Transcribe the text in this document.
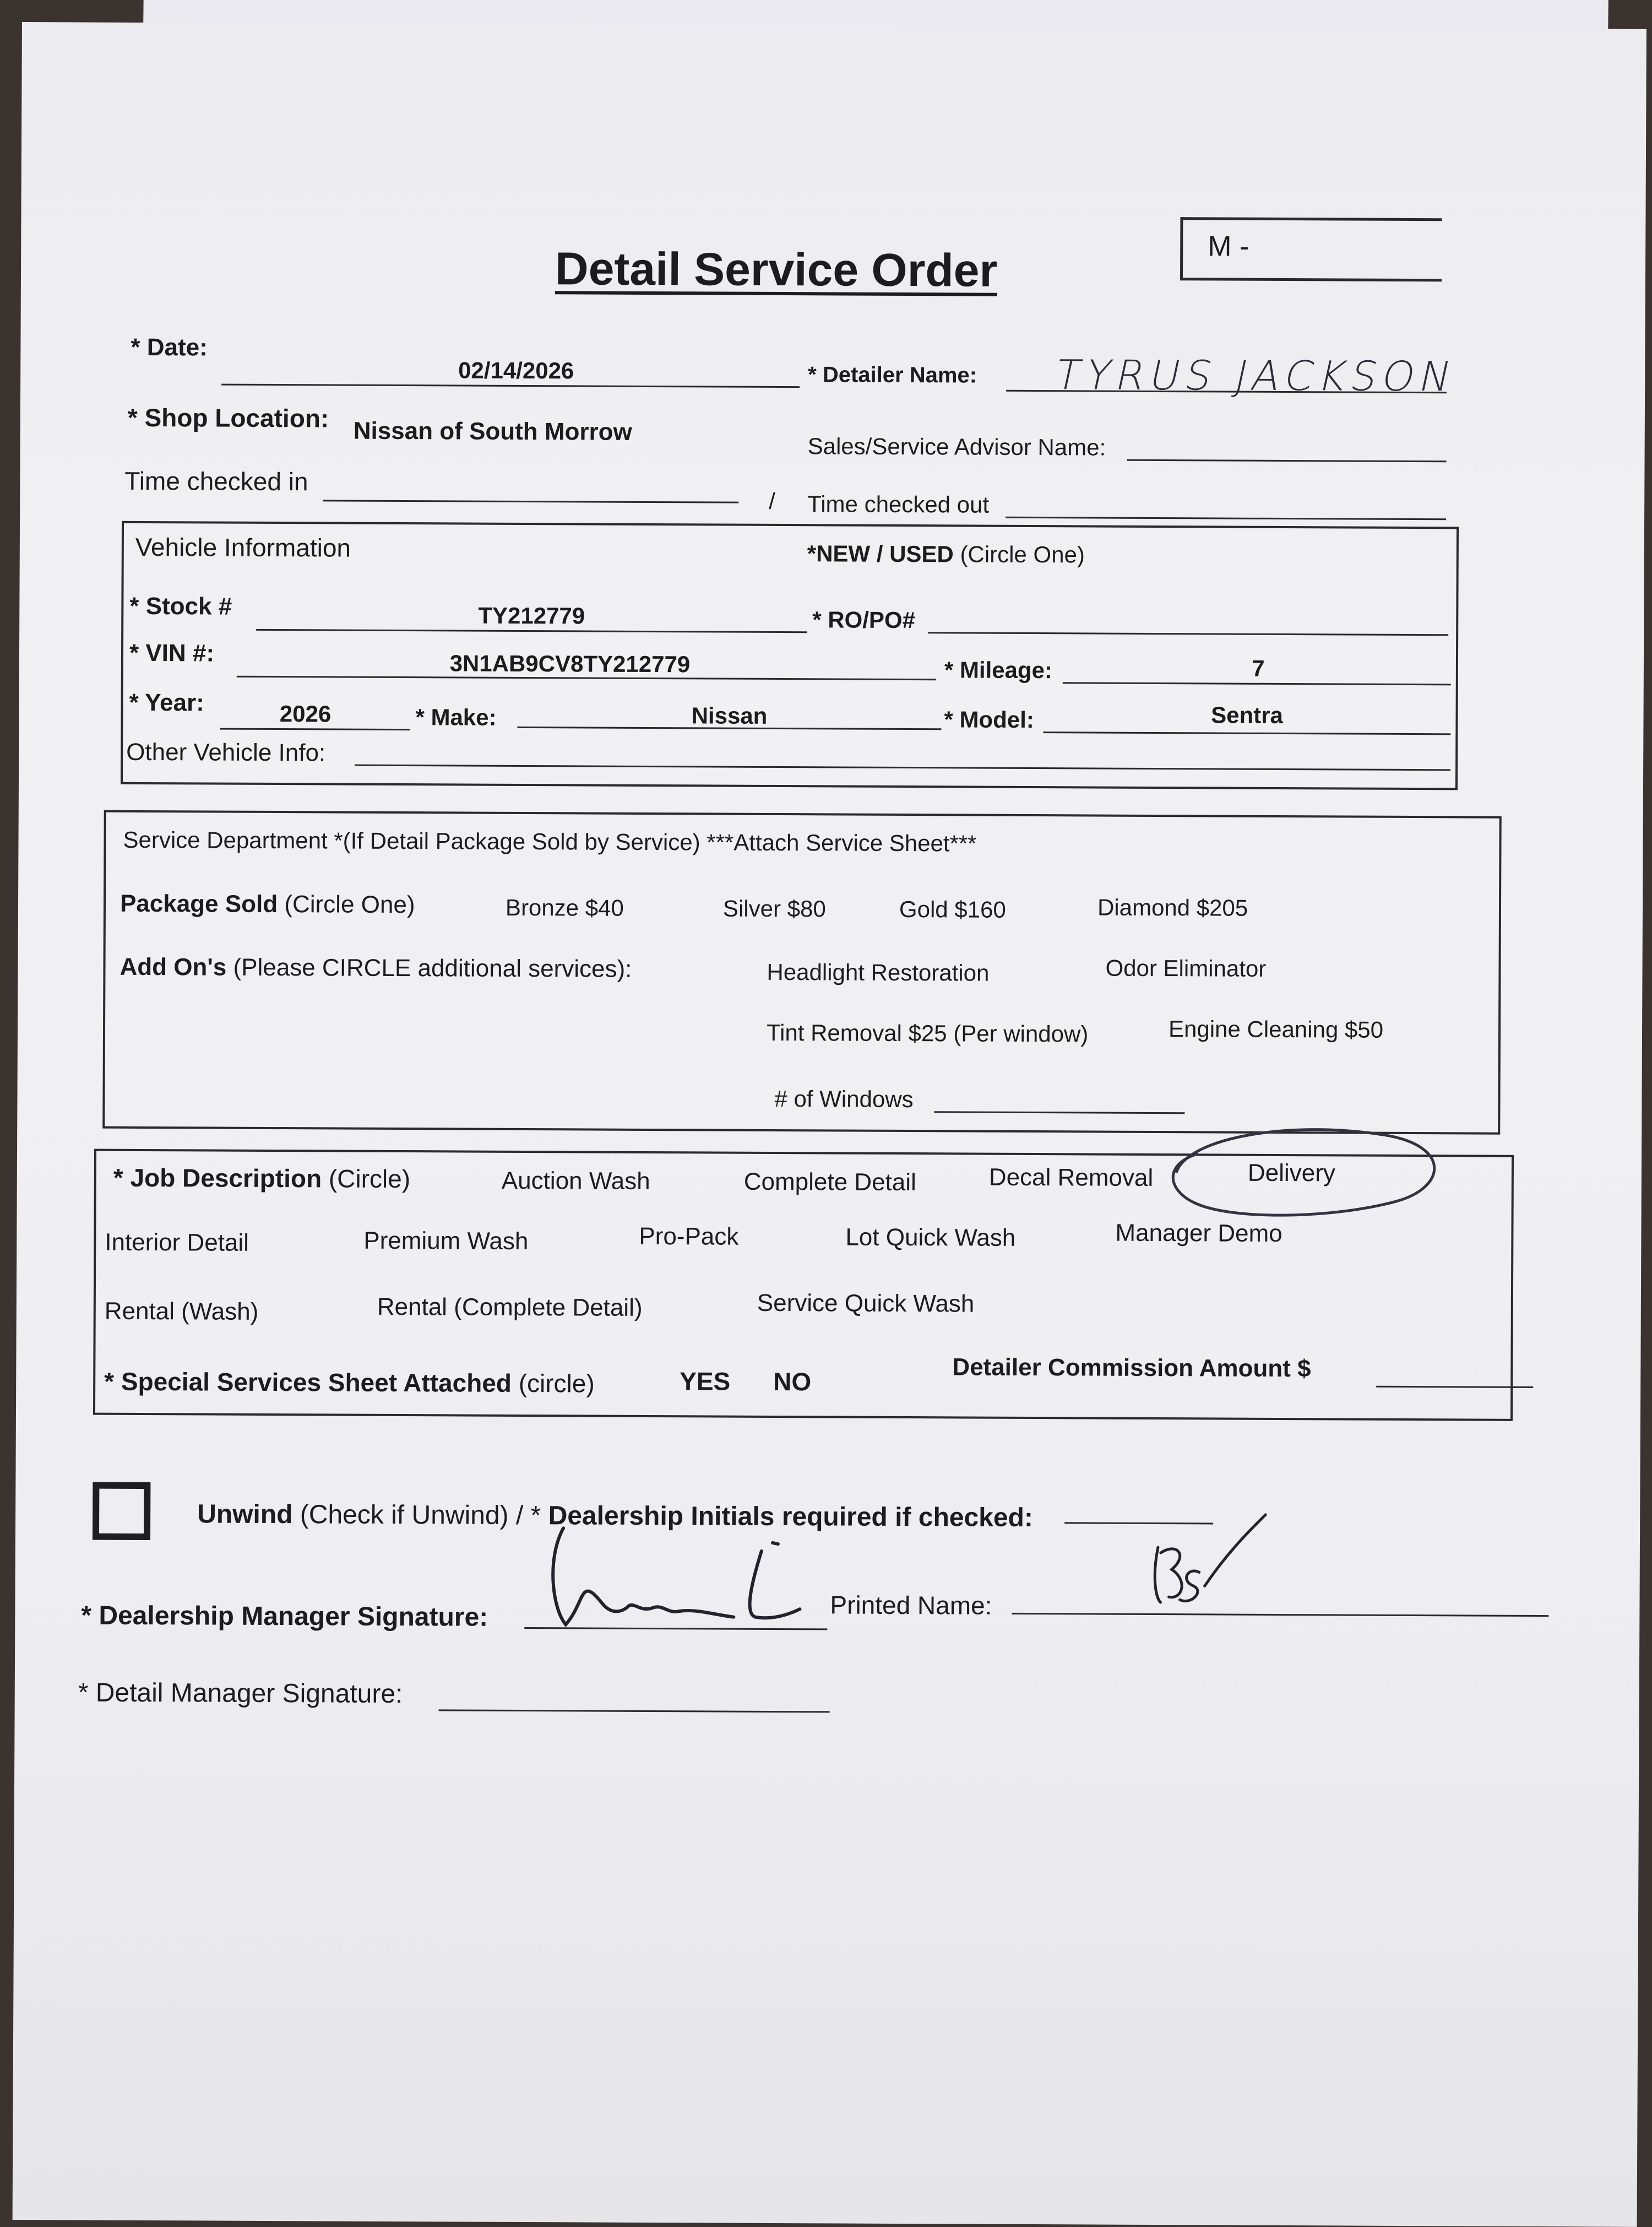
Detail Service Order	M -
* Date:
02/14/2026	* Detailer Name: TYRUS JACKSON
* Shop Location: Nissan of South Morrow
Sales/Service Advisor Name:
Time checked in
/ Time checked out
Vehicle Information	*NEW / USED (Circle One)
* Stock #	TY212779	* RO/PO#
* VIN #:	3N1AB9CV8TY212779	* Mileage:	7
* Year:	2026	* Make:	Nissan	* Model:	Sentra
Other Vehicle Info:
Service Department *(If Detail Package Sold by Service) ***Attach Service Sheet***
Package Sold (Circle One)	Bronze $40	Silver $80	Gold $160	Diamond $205
Add On's (Please CIRCLE additional services):	Headlight Restoration	Odor Eliminator
Tint Removal $25 (Per window)	Engine Cleaning $50
# of Windows
* Job Description (Circle)	Auction Wash	Complete Detail	Decal Removal	Delivery
Interior Detail	Premium Wash	Pro-Pack	Lot Quick Wash	Manager Demo
Rental (Wash)	Rental (Complete Detail)	Service Quick Wash
* Special Services Sheet Attached (circle)	YES NO	Detailer Commission Amount $
Unwind (Check if Unwind) / * Dealership Initials required if checked:
* Dealership Manager Signature:	Printed Name:
* Detail Manager Signature:
